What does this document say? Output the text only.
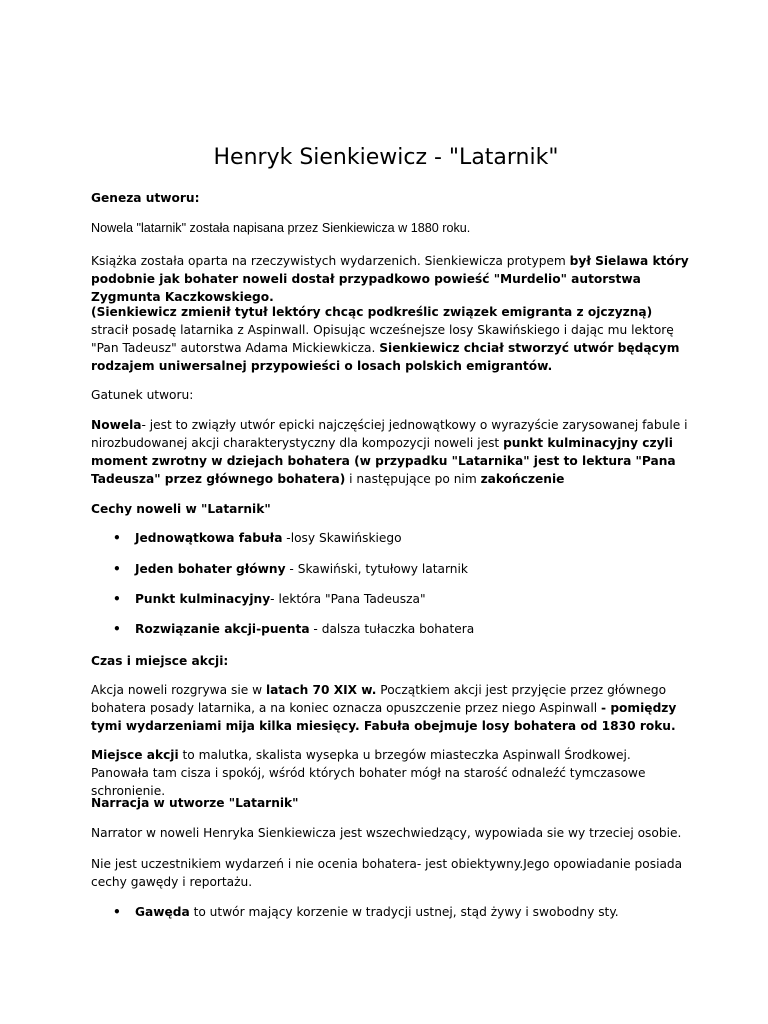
Henryk Sienkiewicz - "Latarnik"

Geneza utworu:

Nowela "latarnik" została napisana przez Sienkiewicza w 1880 roku.

Książka została oparta na rzeczywistych wydarzenich. Sienkiewicza protypem był Sielawa który podobnie jak bohater noweli dostał przypadkowo powieść "Murdelio" autorstwa Zygmunta Kaczkowskiego.

(Sienkiewicz zmienił tytuł lektóry chcąc podkreślic związek emigranta z ojczyzną) stracił posadę latarnika z Aspinwall. Opisując wcześnejsze losy Skawińskiego i dając mu lektorę "Pan Tadeusz" autorstwa Adama Mickiewkicza. Sienkiewicz chciał stworzyć utwór będącym rodzajem uniwersalnej przypowieści o losach polskich emigrantów.

Gatunek utworu:

Nowela- jest to związły utwór epicki najczęściej jednowątkowy o wyrazyście zarysowanej fabule i nirozbudowanej akcji charakterystyczny dla kompozycji noweli jest punkt kulminacyjny czyli moment zwrotny w dziejach bohatera (w przypadku "Latarnika" jest to lektura "Pana Tadeusza" przez głównego bohatera) i następujące po nim zakończenie

Cechy noweli w "Latarnik"

• Jednowątkowa fabuła -losy Skawińskiego
• Jeden bohater główny - Skawiński, tytułowy latarnik
• Punkt kulminacyjny- lektóra "Pana Tadeusza"
• Rozwiązanie akcji-puenta - dalsza tułaczka bohatera

Czas i miejsce akcji:

Akcja noweli rozgrywa sie w latach 70 XIX w. Początkiem akcji jest przyjęcie przez głównego bohatera posady latarnika, a na koniec oznacza opuszczenie przez niego Aspinwall - pomiędzy tymi wydarzeniami mija kilka miesięcy. Fabuła obejmuje losy bohatera od 1830 roku.

Miejsce akcji to malutka, skalista wysepka u brzegów miasteczka Aspinwall Środkowej. Panowała tam cisza i spokój, wśród których bohater mógł na starość odnaleźć tymczasowe schronienie.

Narracja w utworze "Latarnik"

Narrator w noweli Henryka Sienkiewicza jest wszechwiedzący, wypowiada sie wy trzeciej osobie.

Nie jest uczestnikiem wydarzeń i nie ocenia bohatera- jest obiektywny.Jego opowiadanie posiada cechy gawędy i reportażu.

• Gawęda to utwór mający korzenie w tradycji ustnej, stąd żywy i swobodny sty.
